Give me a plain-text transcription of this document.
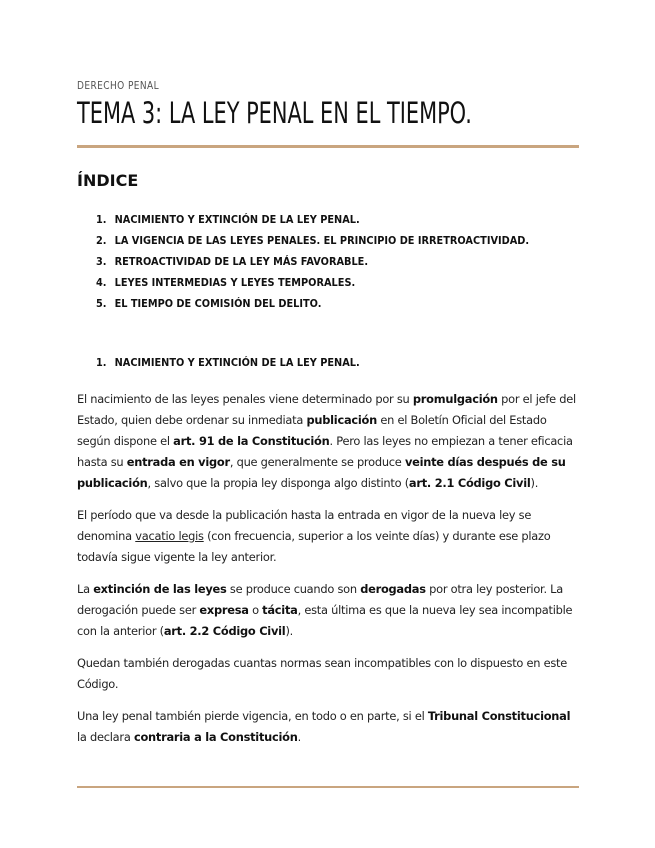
DERECHO PENAL
TEMA 3: LA LEY PENAL EN EL TIEMPO.
ÍNDICE
1. NACIMIENTO Y EXTINCIÓN DE LA LEY PENAL.
2. LA VIGENCIA DE LAS LEYES PENALES. EL PRINCIPIO DE IRRETROACTIVIDAD.
3. RETROACTIVIDAD DE LA LEY MÁS FAVORABLE.
4. LEYES INTERMEDIAS Y LEYES TEMPORALES.
5. EL TIEMPO DE COMISIÓN DEL DELITO.
1. NACIMIENTO Y EXTINCIÓN DE LA LEY PENAL.

El nacimiento de las leyes penales viene determinado por su promulgación por el jefe del Estado, quien debe ordenar su inmediata publicación en el Boletín Oficial del Estado según dispone el art. 91 de la Constitución. Pero las leyes no empiezan a tener eficacia hasta su entrada en vigor, que generalmente se produce veinte días después de su publicación, salvo que la propia ley disponga algo distinto (art. 2.1 Código Civil).

El período que va desde la publicación hasta la entrada en vigor de la nueva ley se denomina vacatio legis (con frecuencia, superior a los veinte días) y durante ese plazo todavía sigue vigente la ley anterior.

La extinción de las leyes se produce cuando son derogadas por otra ley posterior. La derogación puede ser expresa o tácita, esta última es que la nueva ley sea incompatible con la anterior (art. 2.2 Código Civil).

Quedan también derogadas cuantas normas sean incompatibles con lo dispuesto en este Código.

Una ley penal también pierde vigencia, en todo o en parte, si el Tribunal Constitucional la declara contraria a la Constitución.
